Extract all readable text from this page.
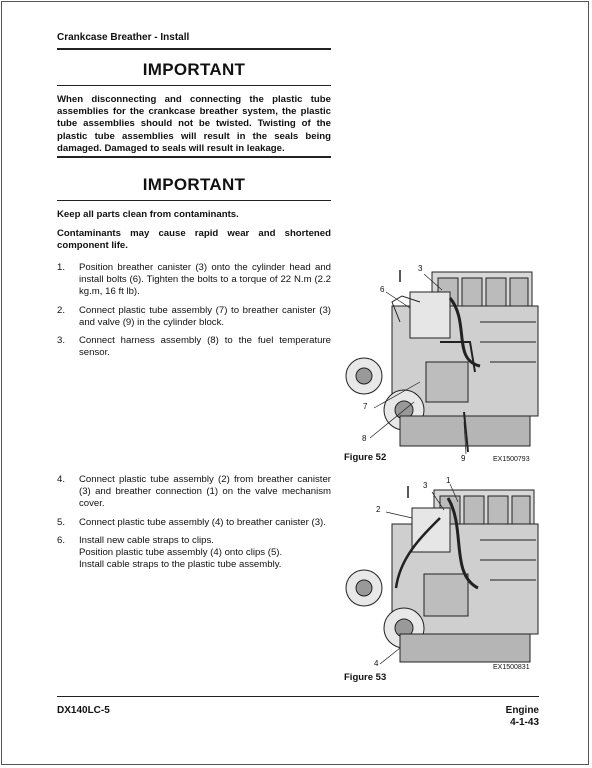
Crankcase Breather - Install
IMPORTANT
When disconnecting and connecting the plastic tube assemblies for the crankcase breather system, the plastic tube assemblies should not be twisted. Twisting of the plastic tube assemblies will result in the seals being damaged. Damaged to seals will result in leakage.
IMPORTANT
Keep all parts clean from contaminants.
Contaminants may cause rapid wear and shortened component life.
1.	Position breather canister (3) onto the cylinder head and install bolts (6). Tighten the bolts to a torque of 22 N.m (2.2 kg.m, 16 ft lb).
2.	Connect plastic tube assembly (7) to breather canister (3) and valve (9) in the cylinder block.
3.	Connect harness assembly (8) to the fuel temperature sensor.
3
6
7
8
9
Figure 52	EX1500793
4.	Connect plastic tube assembly (2) from breather canister (3) and breather connection (1) on the valve mechanism cover.
5.	Connect plastic tube assembly (4) to breather canister (3).
6.	Install new cable straps to clips.
Position plastic tube assembly (4) onto clips (5).
Install cable straps to the plastic tube assembly.
3
1
2
4
Figure 53
EX1500831
DX140LC-5	Engine
4-1-43
